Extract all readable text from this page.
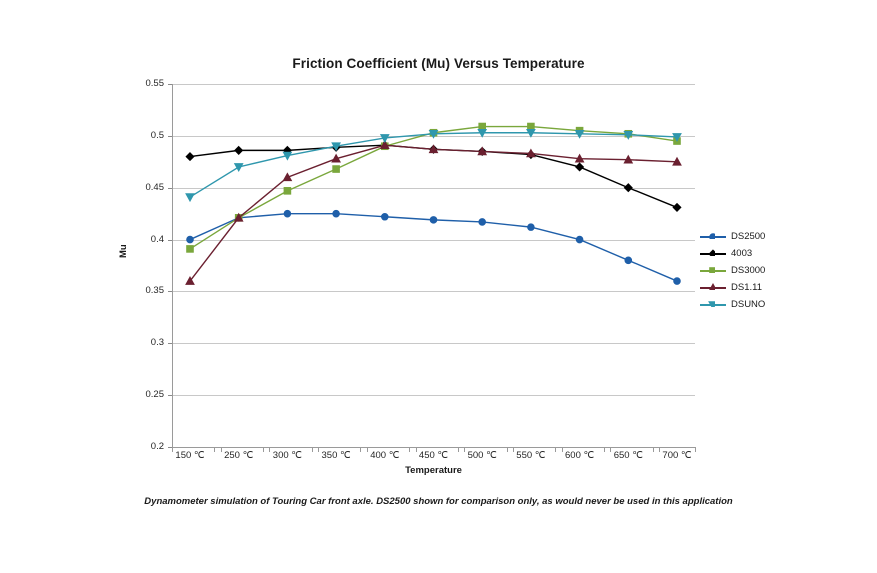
Friction Coefficient (Mu) Versus Temperature
0.2
0.25
0.3
0.35
0.4
0.45
0.5
0.55
150 ℃	250 ℃	300 ℃	350 ℃	400 ℃	450 ℃	500 ℃	550 ℃	600 ℃	650 ℃	700 ℃
Temperature
Mu
DS2500
4003
DS3000
DS1.11
DSUNO
Dynamometer simulation of Touring Car front axle. DS2500 shown for comparison only, as would never be used in this application
